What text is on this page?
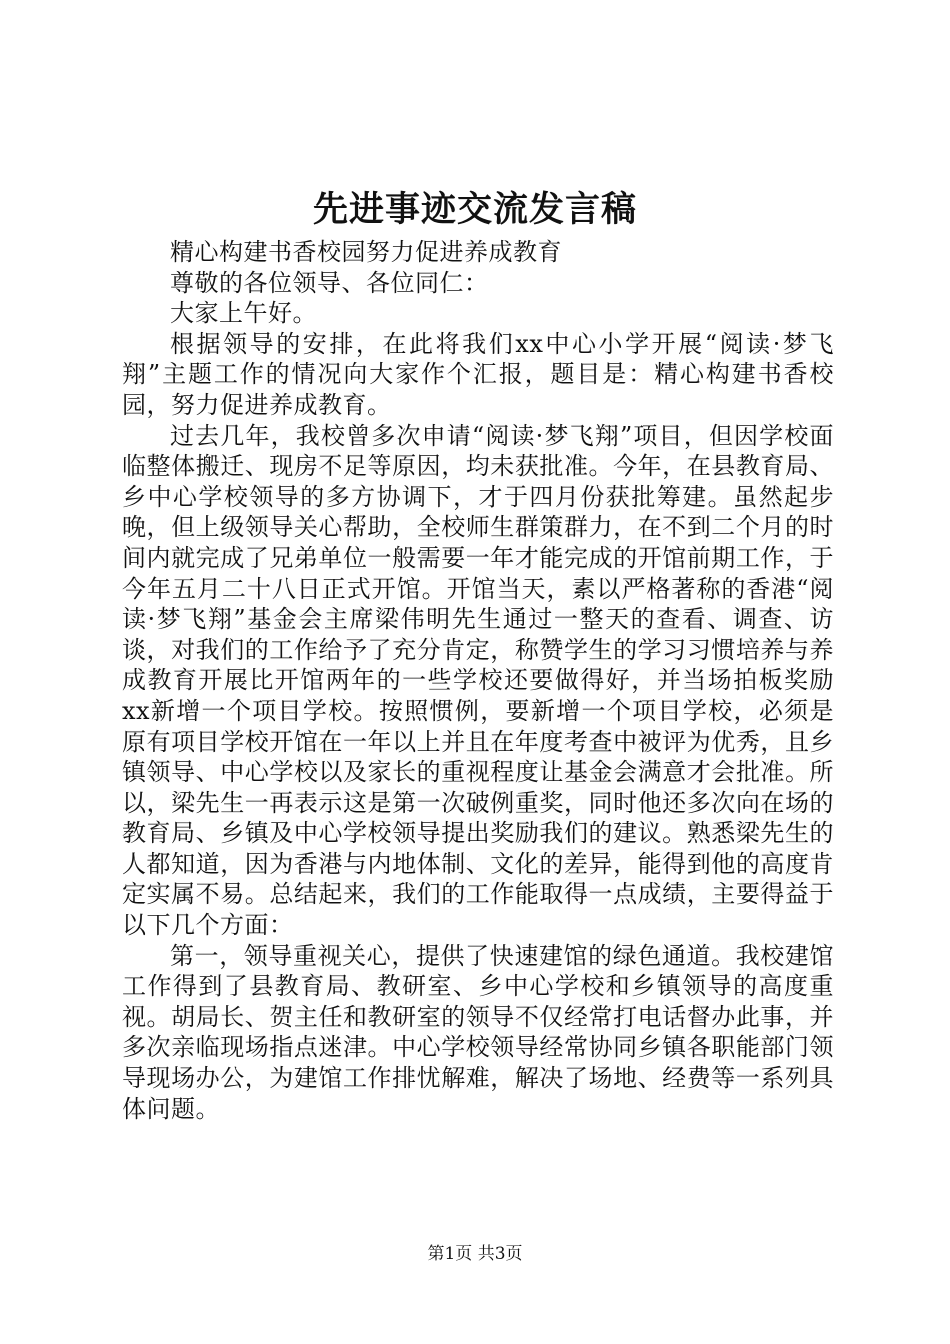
先进事迹交流发言稿

精心构建书香校园努力促进养成教育

尊敬的各位领导、各位同仁：

大家上午好。

根据领导的安排，在此将我们xx中心小学开展“阅读·梦飞翔”主题工作的情况向大家作个汇报，题目是：精心构建书香校园，努力促进养成教育。

过去几年，我校曾多次申请“阅读·梦飞翔”项目，但因学校面临整体搬迁、现房不足等原因，均未获批准。今年，在县教育局、乡中心学校领导的多方协调下，才于四月份获批筹建。虽然起步晚，但上级领导关心帮助，全校师生群策群力，在不到二个月的时间内就完成了兄弟单位一般需要一年才能完成的开馆前期工作，于今年五月二十八日正式开馆。开馆当天，素以严格著称的香港“阅读·梦飞翔”基金会主席梁伟明先生通过一整天的查看、调查、访谈，对我们的工作给予了充分肯定，称赞学生的学习习惯培养与养成教育开展比开馆两年的一些学校还要做得好，并当场拍板奖励xx新增一个项目学校。按照惯例，要新增一个项目学校，必须是原有项目学校开馆在一年以上并且在年度考查中被评为优秀，且乡镇领导、中心学校以及家长的重视程度让基金会满意才会批准。所以，梁先生一再表示这是第一次破例重奖，同时他还多次向在场的教育局、乡镇及中心学校领导提出奖励我们的建议。熟悉梁先生的人都知道，因为香港与内地体制、文化的差异，能得到他的高度肯定实属不易。总结起来，我们的工作能取得一点成绩，主要得益于以下几个方面：

第一，领导重视关心，提供了快速建馆的绿色通道。我校建馆工作得到了县教育局、教研室、乡中心学校和乡镇领导的高度重视。胡局长、贺主任和教研室的领导不仅经常打电话督办此事，并多次亲临现场指点迷津。中心学校领导经常协同乡镇各职能部门领导现场办公，为建馆工作排忧解难，解决了场地、经费等一系列具体问题。

第1页 共3页
